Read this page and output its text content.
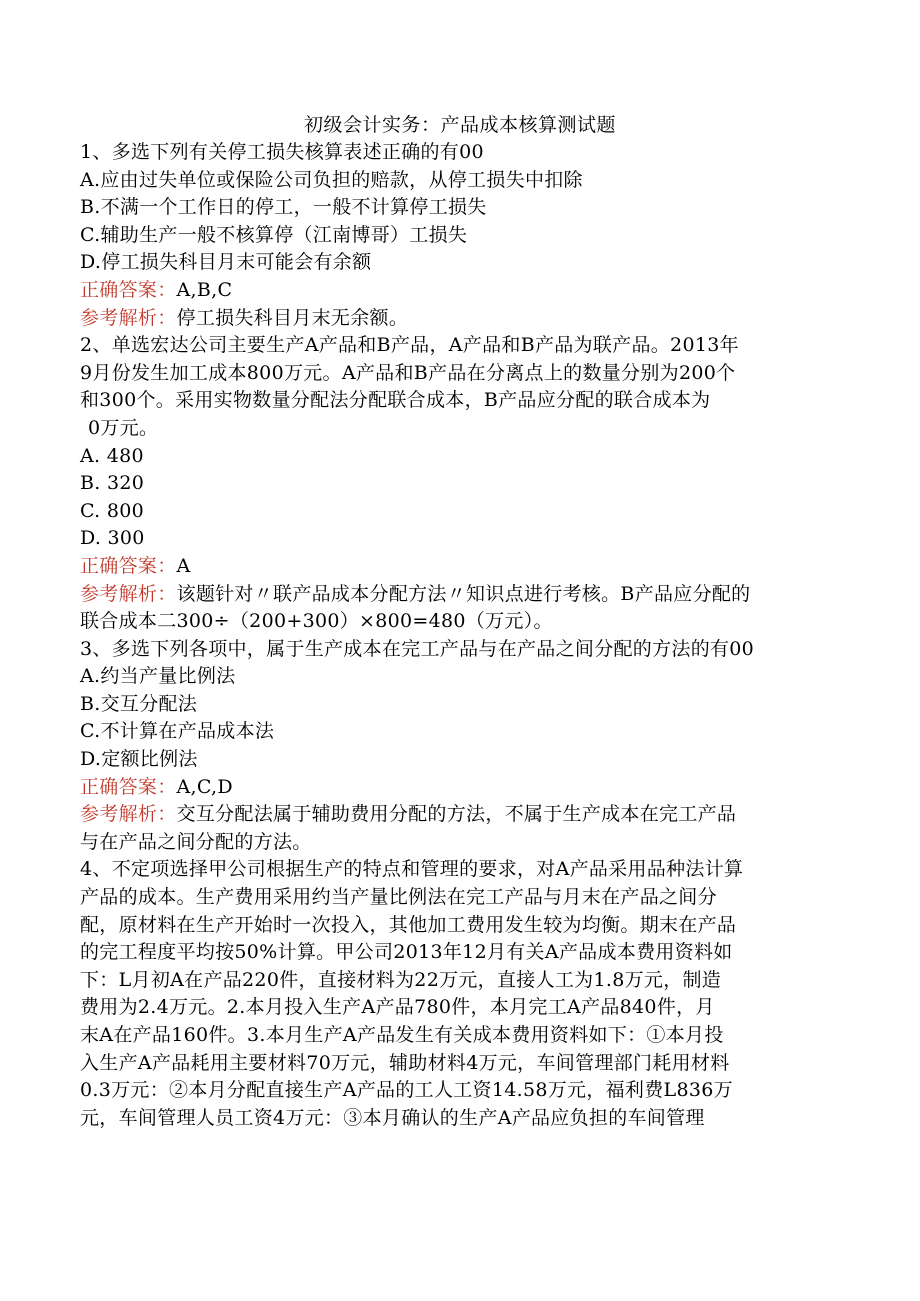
初级会计实务：产品成本核算测试题
1、多选下列有关停工损失核算表述正确的有00
A.应由过失单位或保险公司负担的赔款，从停工损失中扣除
B.不满一个工作日的停工，一般不计算停工损失
C.辅助生产一般不核算停（江南博哥）工损失
D.停工损失科目月末可能会有余额
正确答案：A,B,C
参考解析：停工损失科目月末无余额。
2、单选宏达公司主要生产A产品和B产品，A产品和B产品为联产品。2013年
9月份发生加工成本800万元。A产品和B产品在分离点上的数量分别为200个
和300个。采用实物数量分配法分配联合成本，B产品应分配的联合成本为
0万元。
A. 480
B. 320
C. 800
D. 300
正确答案：A
参考解析：该题针对〃联产品成本分配方法〃知识点进行考核。B产品应分配的
联合成本二300÷（200+300）×800=480（万元）。
3、多选下列各项中，属于生产成本在完工产品与在产品之间分配的方法的有00
A.约当产量比例法
B.交互分配法
C.不计算在产品成本法
D.定额比例法
正确答案：A,C,D
参考解析：交互分配法属于辅助费用分配的方法，不属于生产成本在完工产品
与在产品之间分配的方法。
4、不定项选择甲公司根据生产的特点和管理的要求，对A产品采用品种法计算
产品的成本。生产费用采用约当产量比例法在完工产品与月末在产品之间分
配，原材料在生产开始时一次投入，其他加工费用发生较为均衡。期末在产品
的完工程度平均按50%计算。甲公司2013年12月有关A产品成本费用资料如
下：L月初A在产品220件，直接材料为22万元，直接人工为1.8万元，制造
费用为2.4万元。2.本月投入生产A产品780件，本月完工A产品840件，月
末A在产品160件。3.本月生产A产品发生有关成本费用资料如下：①本月投
入生产A产品耗用主要材料70万元，辅助材料4万元，车间管理部门耗用材料
0.3万元：②本月分配直接生产A产品的工人工资14.58万元，福利费L836万
元，车间管理人员工资4万元：③本月确认的生产A产品应负担的车间管理
